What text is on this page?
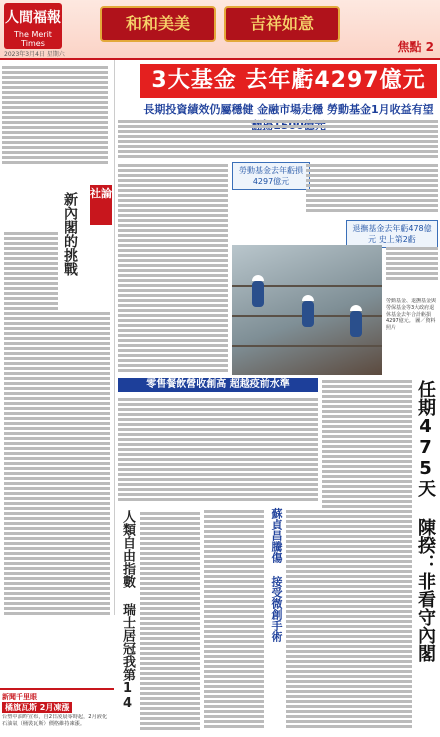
人間福報
The Merit Times
2023年3月4日 星期六
和和美美	吉祥如意
焦點 2
社論
新內閣的挑戰
新聞千里眼
橘旗瓦斯 2月凍漲
台塑中油昨宣布，自2日凌晨零時起，2月液化石油氣（桶裝瓦斯）價格維持凍漲。
3大基金 去年虧4297億元
長期投資績效仍屬穩健 金融市場走穩 勞動基金1月收益有望
勞動基金去年虧損4297億元
退撫基金去年虧478億元 史上第2虧
勞動基金、退撫基金與勞保基金等3大政府退休基金去年合計虧損4297億元。 圖／資料照片
零售餐飲營收創高 超越疫前水準
人類自由指數 瑞士居冠我第14	蘇貞昌騰傷 接受微創手術	任期475天 陳揆：非看守內閣
